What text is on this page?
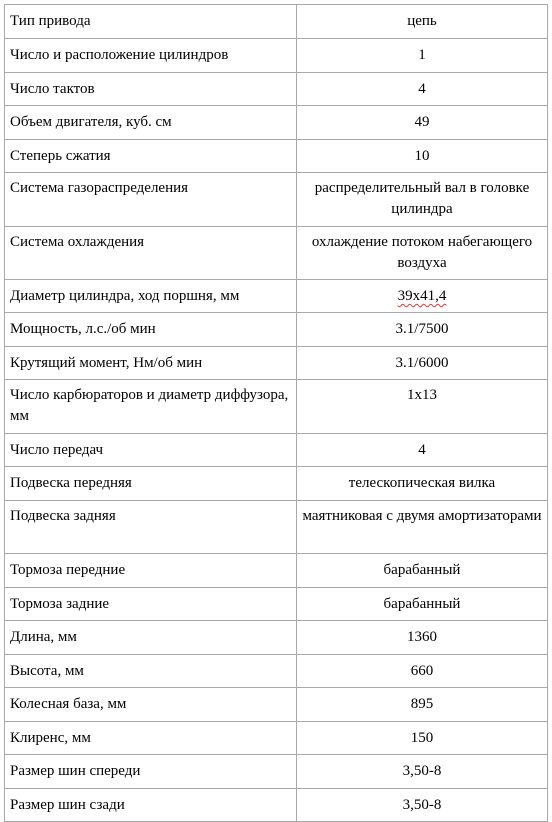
Тип привода	цепь

Число и расположение цилиндров	1

Число тактов	4

Объем двигателя, куб. см	49

Степерь сжатия	10

Система газораспределения	распределительный вал в головке цилиндра

Система охлаждения	охлаждение потоком набегающего воздуха

Диаметр цилиндра, ход поршня, мм	39x41,4

Мощность, л.с./об мин	3.1/7500

Крутящий момент, Нм/об мин	3.1/6000

Число карбюраторов и диаметр диффузора, мм	1x13

Число передач	4

Подвеска передняя	телескопическая вилка

Подвеска задняя	маятниковая с двумя амортизаторами

Тормоза передние	барабанный

Тормоза задние	барабанный

Длина, мм	1360

Высота, мм	660

Колесная база, мм	895

Клиренс, мм	150

Размер шин спереди	3,50-8

Размер шин сзади	3,50-8
